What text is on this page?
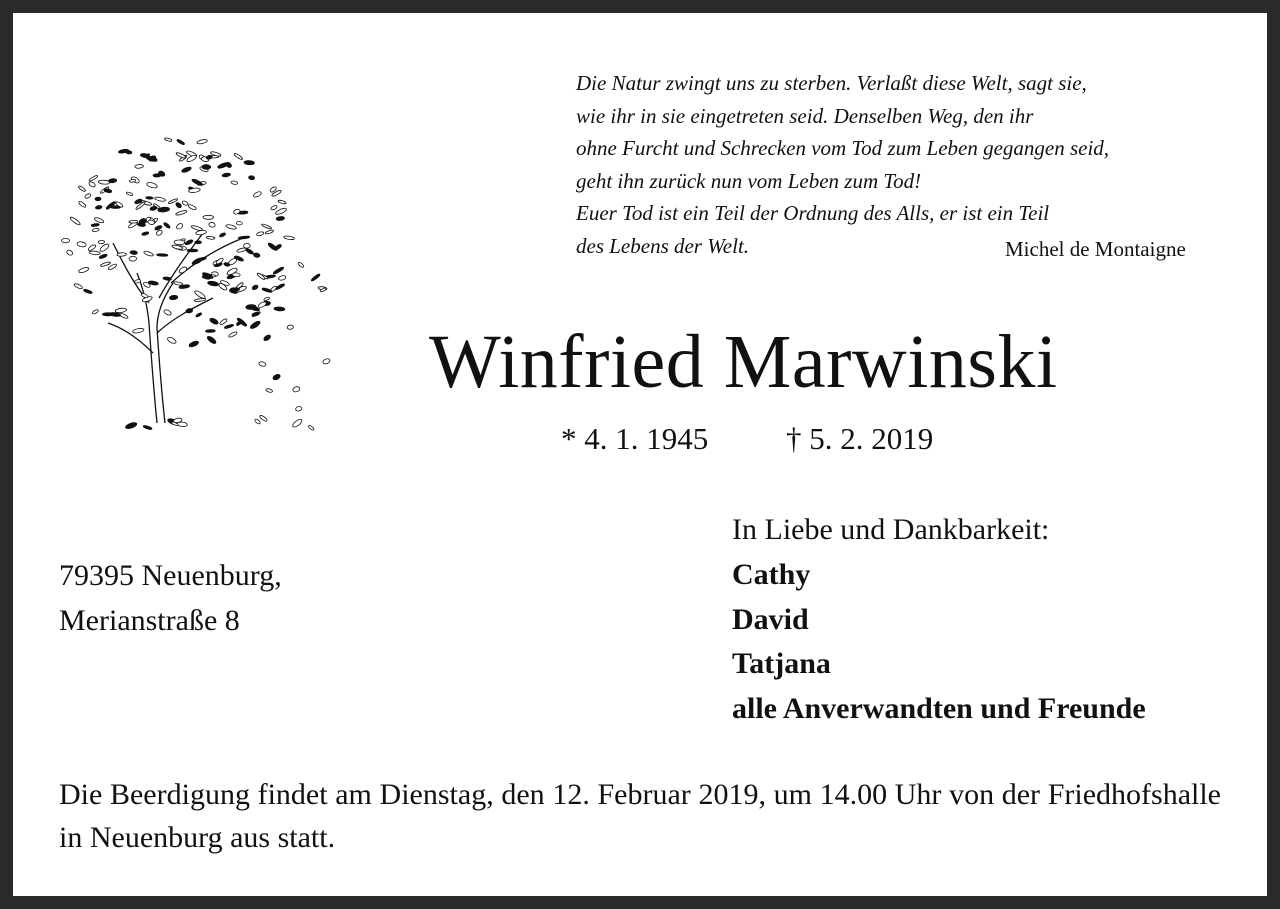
Die Natur zwingt uns zu sterben. Verlaßt diese Welt, sagt sie,
wie ihr in sie eingetreten seid. Denselben Weg, den ihr
ohne Furcht und Schrecken vom Tod zum Leben gegangen seid,
geht ihn zurück nun vom Leben zum Tod!
Euer Tod ist ein Teil der Ordnung des Alls, er ist ein Teil
des Lebens der Welt.	Michel de Montaigne
Winfried Marwinski
* 4. 1. 1945	† 5. 2. 2019
79395 Neuenburg,
Merianstraße 8
In Liebe und Dankbarkeit:
Cathy
David
Tatjana
alle Anverwandten und Freunde
Die Beerdigung findet am Dienstag, den 12. Februar 2019, um 14.00 Uhr von der Friedhofshalle in Neuenburg aus statt.
